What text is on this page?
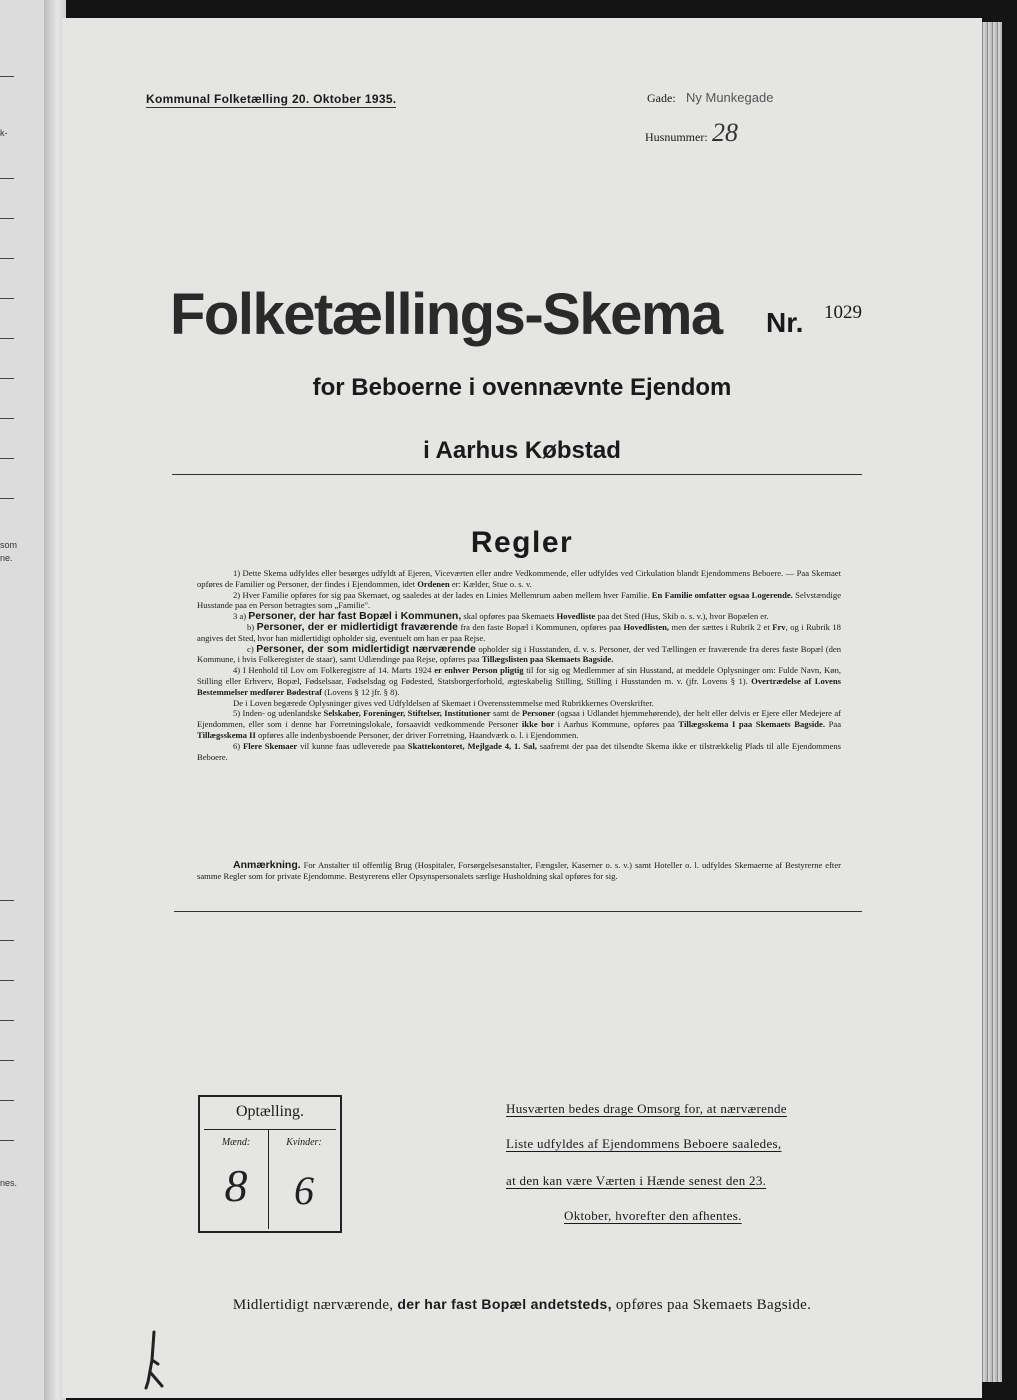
k-
som
ne.
nes.
Kommunal Folketælling 20. Oktober 1935.	Gade: Ny Munkegade
Husnummer: 28
Folketællings-Skema Nr. 1029
for Beboerne i ovennævnte Ejendom
i Aarhus Købstad
Regler

1) Dette Skema udfyldes eller besørges udfyldt af Ejeren, Viceværten eller andre Vedkommende, eller udfyldes ved Cirkulation blandt Ejendommens Beboere. — Paa Skemaet opføres de Familier og Personer, der findes i Ejendommen, idet Ordenen er: Kælder, Stue o. s. v.

2) Hver Familie opføres for sig paa Skemaet, og saaledes at der lades en Linies Mellemrum aaben mellem hver Familie. En Familie omfatter ogsaa Logerende. Selvstændige Husstande paa en Person betragtes som „Familie".

3 a) Personer, der har fast Bopæl i Kommunen, skal opføres paa Skemaets Hovedliste paa det Sted (Hus, Skib o. s. v.), hvor Bopælen er.

b) Personer, der er midlertidigt fraværende fra den faste Bopæl i Kommunen, opføres paa Hovedlisten, men der sættes i Rubrik 2 et Frv, og i Rubrik 18 angives det Sted, hvor han midlertidigt opholder sig, eventuelt om han er paa Rejse.

c) Personer, der som midlertidigt nærværende opholder sig i Husstanden, d. v. s. Personer, der ved Tællingen er fraværende fra deres faste Bopæl (den Kommune, i hvis Folkeregister de staar), samt Udlændinge paa Rejse, opføres paa Tillægslisten paa Skemaets Bagside.

4) I Henhold til Lov om Folkeregistre af 14. Marts 1924 er enhver Person pligtig til for sig og Medlemmer af sin Husstand, at meddele Oplysninger om: Fulde Navn, Køn, Stilling eller Erhverv, Bopæl, Fødselsaar, Fødselsdag og Fødested, Statsborgerforhold, ægteskabelig Stilling, Stilling i Husstanden m. v. (jfr. Lovens § 1). Overtrædelse af Lovens Bestemmelser medfører Bødestraf (Lovens § 12 jfr. § 8).

De i Loven begærede Oplysninger gives ved Udfyldelsen af Skemaet i Overensstemmelse med Rubrikkernes Overskrifter.

5) Inden- og udenlandske Selskaber, Foreninger, Stiftelser, Institutioner samt de Personer (ogsaa i Udlandet hjemmehørende), der helt eller delvis er Ejere eller Medejere af Ejendommen, eller som i denne har Forretningslokale, forsaavidt vedkommende Personer ikke bor i Aarhus Kommune, opføres paa Tillægsskema I paa Skemaets Bagside. Paa Tillægsskema II opføres alle indenbysboende Personer, der driver Forretning, Haandværk o. l. i Ejendommen.

6) Flere Skemaer vil kunne faas udleverede paa Skattekontoret, Mejlgade 4, 1. Sal, saafremt der paa det tilsendte Skema ikke er tilstrækkelig Plads til alle Ejendommens Beboere.

Anmærkning. For Anstalter til offentlig Brug (Hospitaler, Forsørgelsesanstalter, Fængsler, Kaserner o. s. v.) samt Hoteller o. l. udfyldes Skemaerne af Bestyrerne efter samme Regler som for private Ejendomme. Bestyrerens eller Opsynspersonalets særlige Husholdning skal opføres for sig.
Optælling.
Mænd:	Kvinder:
8	6
Husværten bedes drage Omsorg for, at nærværende
Liste udfyldes af Ejendommens Beboere saaledes,
at den kan være Værten i Hænde senest den 23.
Oktober, hvorefter den afhentes.
Midlertidigt nærværende, der har fast Bopæl andetsteds, opføres paa Skemaets Bagside.
